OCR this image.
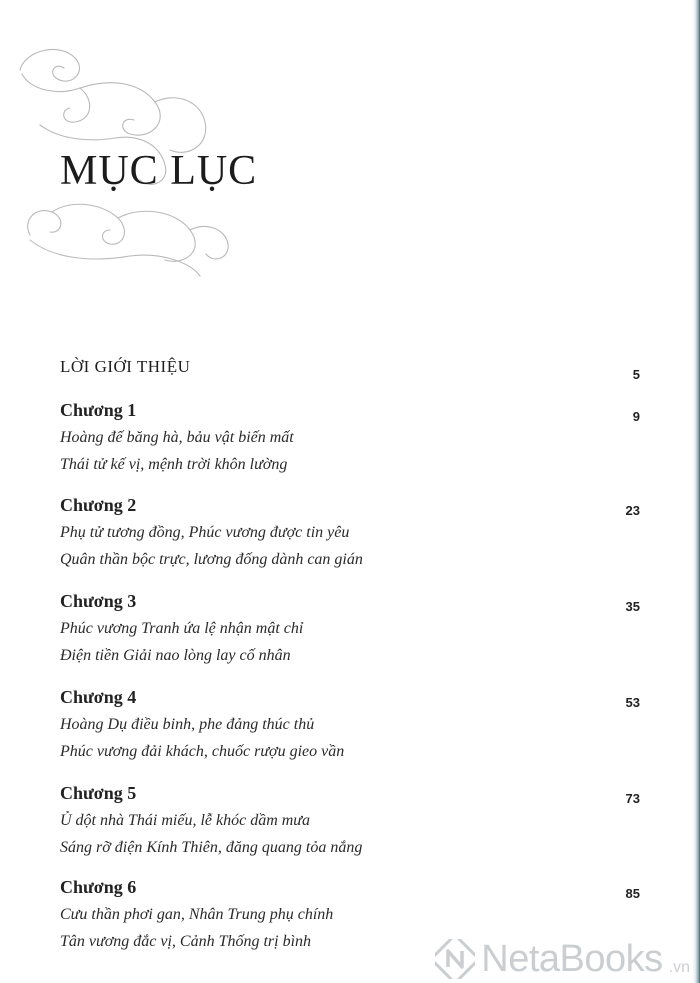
MỤC LỤC
LỜI GIỚI THIỆU	5
Chương 1
Hoàng đế băng hà, bảu vật biến mất
Thái tử kế vị, mệnh trời khôn lường
9
Chương 2
Phụ tử tương đồng, Phúc vương được tin yêu
Quân thần bộc trực, lương đống dành can gián
23
Chương 3
Phúc vương Tranh ứa lệ nhận mật chỉ
Điện tiền Giải nao lòng lay cố nhân
35
Chương 4
Hoàng Dụ điều binh, phe đảng thúc thủ
Phúc vương đải khách, chuốc rượu gieo vần
53
Chương 5
Ủ dột nhà Thái miếu, lễ khóc dầm mưa
Sáng rỡ điện Kính Thiên, đăng quang tỏa nắng
73
Chương 6
Cưu thần phơi gan, Nhân Trung phụ chính
Tân vương đắc vị, Cảnh Thống trị bình
85
NetaBooks .vn
